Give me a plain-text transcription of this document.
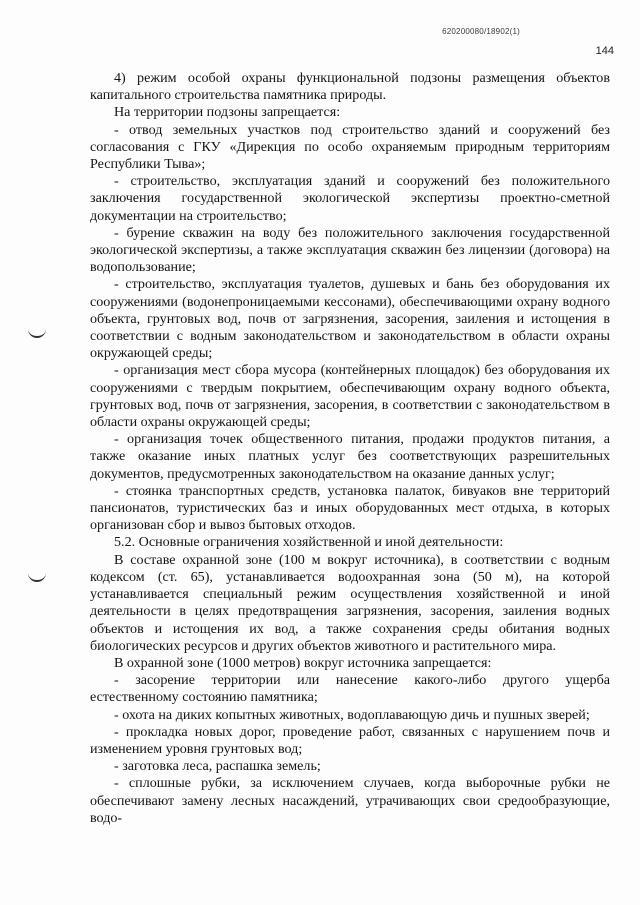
620200080/18902(1)
144

4) режим особой охраны функциональной подзоны размещения объектов капитального строительства памятника природы.

На территории подзоны запрещается:

- отвод земельных участков под строительство зданий и сооружений без согласования с ГКУ «Дирекция по особо охраняемым природным территориям Республики Тыва»;

- строительство, эксплуатация зданий и сооружений без положительного заключения государственной экологической экспертизы проектно-сметной документации на строительство;

- бурение скважин на воду без положительного заключения государственной экологической экспертизы, а также эксплуатация скважин без лицензии (договора) на водопользование;

- строительство, эксплуатация туалетов, душевых и бань без оборудования их сооружениями (водонепроницаемыми кессонами), обеспечивающими охрану водного объекта, грунтовых вод, почв от загрязнения, засорения, заиления и истощения в соответствии с водным законодательством и законодательством в области охраны окружающей среды;

- организация мест сбора мусора (контейнерных площадок) без оборудования их сооружениями с твердым покрытием, обеспечивающим охрану водного объекта, грунтовых вод, почв от загрязнения, засорения, в соответствии с законодательством в области охраны окружающей среды;

- организация точек общественного питания, продажи продуктов питания, а также оказание иных платных услуг без соответствующих разрешительных документов, предусмотренных законодательством на оказание данных услуг;

- стоянка транспортных средств, установка палаток, бивуаков вне территорий пансионатов, туристических баз и иных оборудованных мест отдыха, в которых организован сбор и вывоз бытовых отходов.

5.2. Основные ограничения хозяйственной и иной деятельности:

В составе охранной зоне (100 м вокруг источника), в соответствии с водным кодексом (ст. 65), устанавливается водоохранная зона (50 м), на которой устанавливается специальный режим осуществления хозяйственной и иной деятельности в целях предотвращения загрязнения, засорения, заиления водных объектов и истощения их вод, а также сохранения среды обитания водных биологических ресурсов и других объектов животного и растительного мира.

В охранной зоне (1000 метров) вокруг источника запрещается:

- засорение территории или нанесение какого-либо другого ущерба естественному состоянию памятника;

- охота на диких копытных животных, водоплавающую дичь и пушных зверей;

- прокладка новых дорог, проведение работ, связанных с нарушением почв и изменением уровня грунтовых вод;

- заготовка леса, распашка земель;

- сплошные рубки, за исключением случаев, когда выборочные рубки не обеспечивают замену лесных насаждений, утрачивающих свои средообразующие, водо-
